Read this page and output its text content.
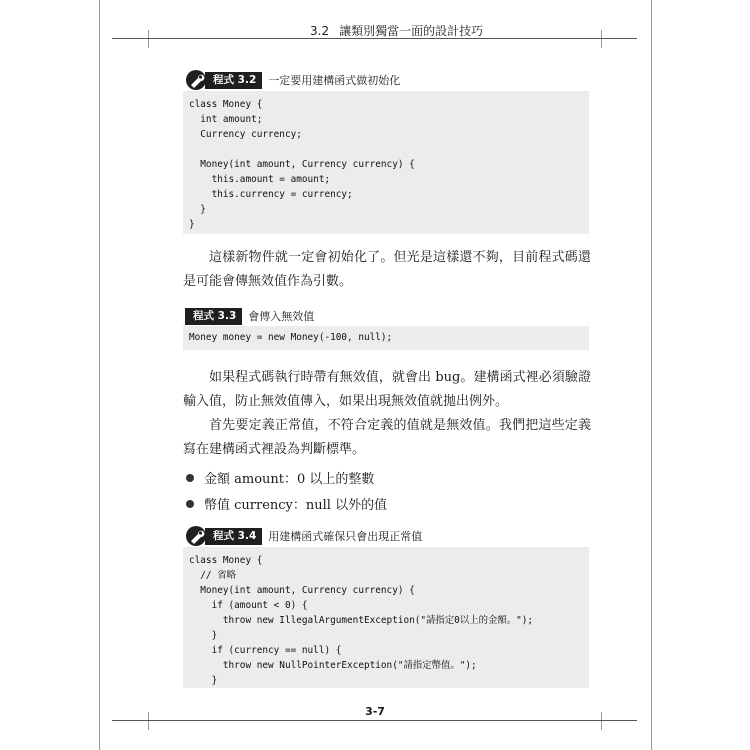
3.2 讓類別獨當一面的設計技巧
程式 3.2	一定要用建構函式做初始化
class Money {
int amount;
Currency currency;
Money(int amount, Currency currency) {
this.amount = amount;
this.currency = currency;
}
}
這樣新物件就一定會初始化了。但光是這樣還不夠，目前程式碼還是可能會傳無效值作為引數。
程式 3.3	會傳入無效值
Money money = new Money(-100, null);
如果程式碼執行時帶有無效值，就會出 bug。建構函式裡必須驗證輸入值，防止無效值傳入，如果出現無效值就拋出例外。
首先要定義正常值，不符合定義的值就是無效值。我們把這些定義寫在建構函式裡設為判斷標準。
金額 amount：0 以上的整數
幣值 currency：null 以外的值
程式 3.4	用建構函式確保只會出現正常值
class Money {
// 省略
Money(int amount, Currency currency) {
if (amount < 0) {
throw new IllegalArgumentException("請指定0以上的金額。");
}
if (currency == null) {
throw new NullPointerException("請指定幣值。");
}
3-7
